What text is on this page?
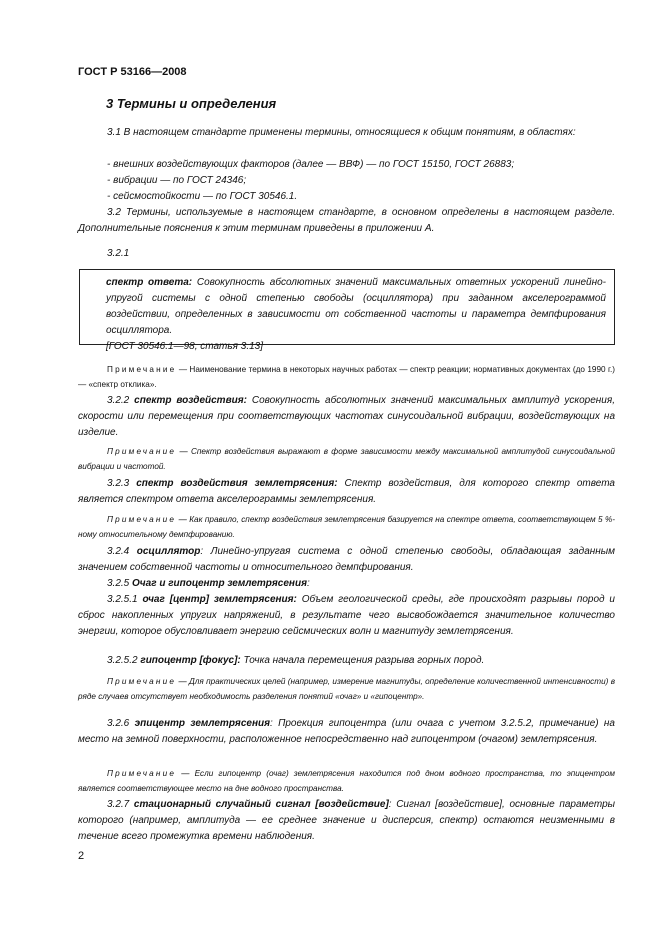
ГОСТ Р 53166—2008
3 Термины и определения
3.1 В настоящем стандарте применены термины, относящиеся к общим понятиям, в областях:
- внешних воздействующих факторов (далее — ВВФ) — по ГОСТ 15150, ГОСТ 26883;
- вибрации — по ГОСТ 24346;
- сейсмостойкости — по ГОСТ 30546.1.
3.2 Термины, используемые в настоящем стандарте, в основном определены в настоящем разделе. Дополнительные пояснения к этим терминам приведены в приложении А.
3.2.1
спектр ответа: Совокупность абсолютных значений максимальных ответных ускорений линейно-упругой системы с одной степенью свободы (осциллятора) при заданном акселерограммой воздействии, определенных в зависимости от собственной частоты и параметра демпфирования осциллятора.
[ГОСТ 30546.1—98, статья 3.13]
Примечание — Наименование термина в некоторых научных работах — спектр реакции; нормативных документах (до 1990 г.) — «спектр отклика».
3.2.2 спектр воздействия: Совокупность абсолютных значений максимальных амплитуд ускорения, скорости или перемещения при соответствующих частотах синусоидальной вибрации, воздействующих на изделие.
Примечание — Спектр воздействия выражают в форме зависимости между максимальной амплитудой синусоидальной вибрации и частотой.
3.2.3 спектр воздействия землетрясения: Спектр воздействия, для которого спектр ответа является спектром ответа акселерограммы землетрясения.
Примечание — Как правило, спектр воздействия землетрясения базируется на спектре ответа, соответствующем 5 %-ному относительному демпфированию.
3.2.4 осциллятор: Линейно-упругая система с одной степенью свободы, обладающая заданным значением собственной частоты и относительного демпфирования.
3.2.5 Очаг и гипоцентр землетрясения:
3.2.5.1 очаг [центр] землетрясения: Объем геологической среды, где происходят разрывы пород и сброс накопленных упругих напряжений, в результате чего высвобождается значительное количество энергии, которое обусловливает энергию сейсмических волн и магнитуду землетрясения.
3.2.5.2 гипоцентр [фокус]: Точка начала перемещения разрыва горных пород.
Примечание — Для практических целей (например, измерение магнитуды, определение количественной интенсивности) в ряде случаев отсутствует необходимость разделения понятий «очаг» и «гипоцентр».
3.2.6 эпицентр землетрясения: Проекция гипоцентра (или очага с учетом 3.2.5.2, примечание) на место на земной поверхности, расположенное непосредственно над гипоцентром (очагом) землетрясения.
Примечание — Если гипоцентр (очаг) землетрясения находится под дном водного пространства, то эпицентром является соответствующее место на дне водного пространства.
3.2.7 стационарный случайный сигнал [воздействие]: Сигнал [воздействие], основные параметры которого (например, амплитуда — ее среднее значение и дисперсия, спектр) остаются неизменными в течение всего промежутка времени наблюдения.
2
